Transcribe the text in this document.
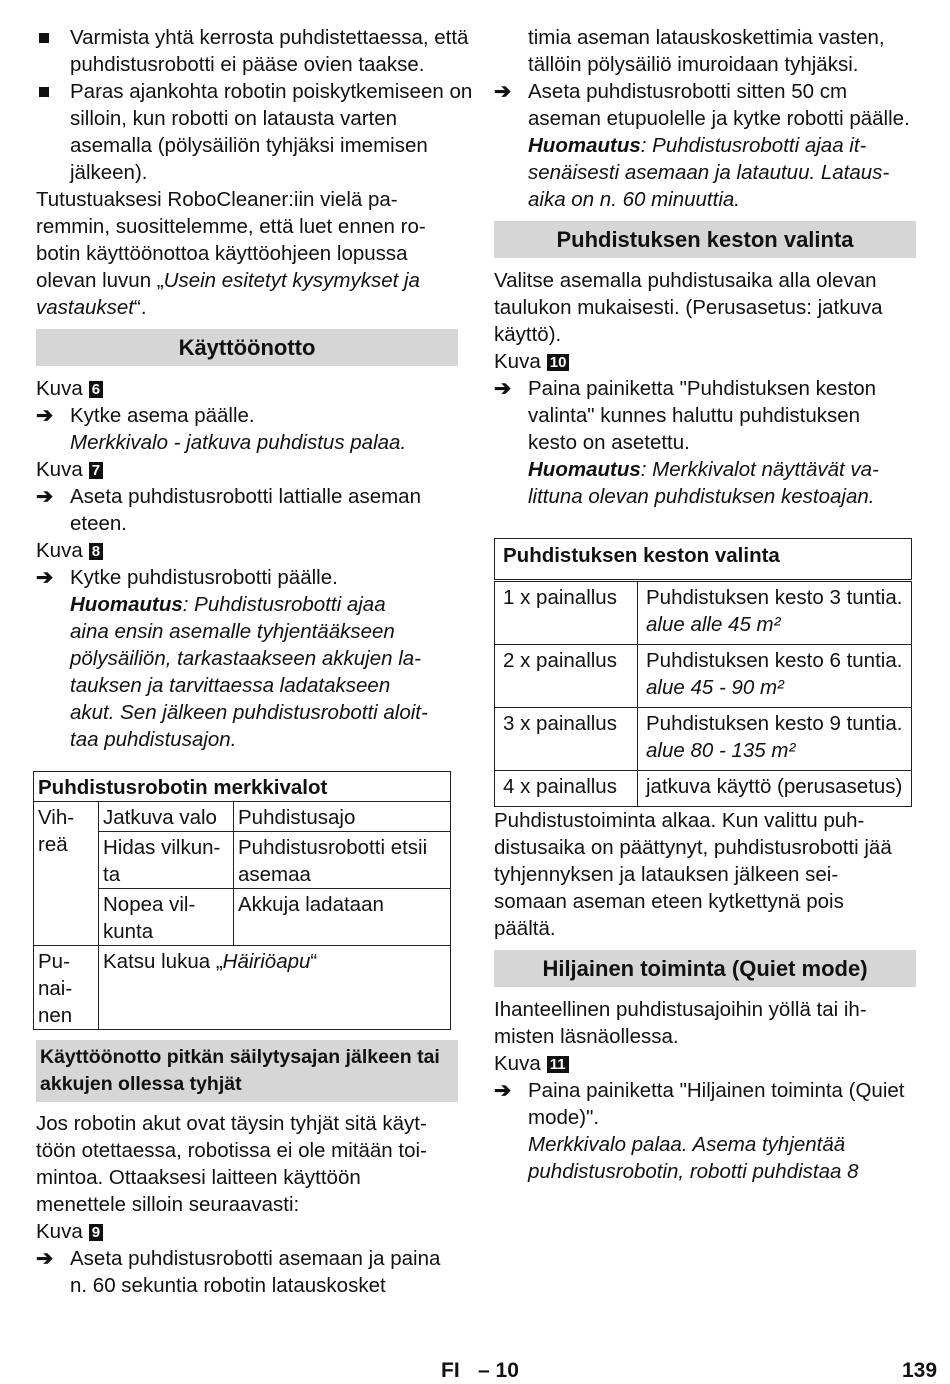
Varmista yhtä kerrosta puhdistettaessa, että puhdistusrobotti ei pääse ovien taakse.

Paras ajankohta robotin poiskytkemiseen on silloin, kun robotti on latausta varten asemalla (pölysäiliön tyhjäksi imemisen jälkeen).

Tutustuaksesi RoboCleaner:iin vielä paremmin, suosittelemme, että luet ennen robotin käyttöönottoa käyttöohjeen lopussa olevan luvun „Usein esitetyt kysymykset ja vastaukset“.

Käyttöönotto

Kuva 6

➔ Kytke asema päälle.

Merkkivalo - jatkuva puhdistus palaa.

Kuva 7

➔ Aseta puhdistusrobotti lattialle aseman eteen.

Kuva 8

➔ Kytke puhdistusrobotti päälle.

Huomautus: Puhdistusrobotti ajaa aina ensin asemalle tyhjentääkseen pölysäiliön, tarkastaakseen akkujen latauksen ja tarvittaessa ladatakseen akut. Sen jälkeen puhdistusrobotti aloittaa puhdistusajon.

Puhdistusrobotin merkkivalot		
Vihreä	Jatkuva valo	Puhdistusajo
	Hidas vilkunta	Puhdistusrobotti etsii asemaa
	Nopea vilkunta	Akkuja ladataan
Punainen	Katsu lukua „Häiriöapu“	
Käyttöönotto pitkän säilytysajan jälkeen tai akkujen ollessa tyhjät

Jos robotin akut ovat täysin tyhjät sitä käyttöön otettaessa, robotissa ei ole mitään toimintoa. Ottaaksesi laitteen käyttöön menettele silloin seuraavasti:

Kuva 9

➔ Aseta puhdistusrobotti asemaan ja paina n. 60 sekuntia robotin latauskosket

timia aseman latauskoskettimia vasten, tällöin pölysäiliö imuroidaan tyhjäksi.

➔ Aseta puhdistusrobotti sitten 50 cm aseman etupuolelle ja kytke robotti päälle.

Huomautus: Puhdistusrobotti ajaa itsenäisesti asemaan ja latautuu. Latausaika on n. 60 minuuttia.

Puhdistuksen keston valinta

Valitse asemalla puhdistusaika alla olevan taulukon mukaisesti. (Perusasetus: jatkuva käyttö).

Kuva 10

➔ Paina painiketta "Puhdistuksen keston valinta" kunnes haluttu puhdistuksen kesto on asetettu.

Huomautus: Merkkivalot näyttävät valittuna olevan puhdistuksen kestoajan.

Puhdistuksen keston valinta	
1 x painallus	Puhdistuksen kesto 3 tuntia.
alue alle 45 m²
2 x painallus	Puhdistuksen kesto 6 tuntia.
alue 45 - 90 m²
3 x painallus	Puhdistuksen kesto 9 tuntia.
alue 80 - 135 m²
4 x painallus	jatkuva käyttö (perusasetus)

Puhdistustoiminta alkaa. Kun valittu puhdistusaika on päättynyt, puhdistusrobotti jää tyhjennyksen ja latauksen jälkeen seisomaan aseman eteen kytkettynä pois päältä.

Hiljainen toiminta (Quiet mode)

Ihanteellinen puhdistusajoihin yöllä tai ihmisten läsnäollessa.

Kuva 11

➔ Paina painiketta "Hiljainen toiminta (Quiet mode)".

Merkkivalo palaa. Asema tyhjentää puhdistusrobotin, robotti puhdistaa 8

FI – 10	139
